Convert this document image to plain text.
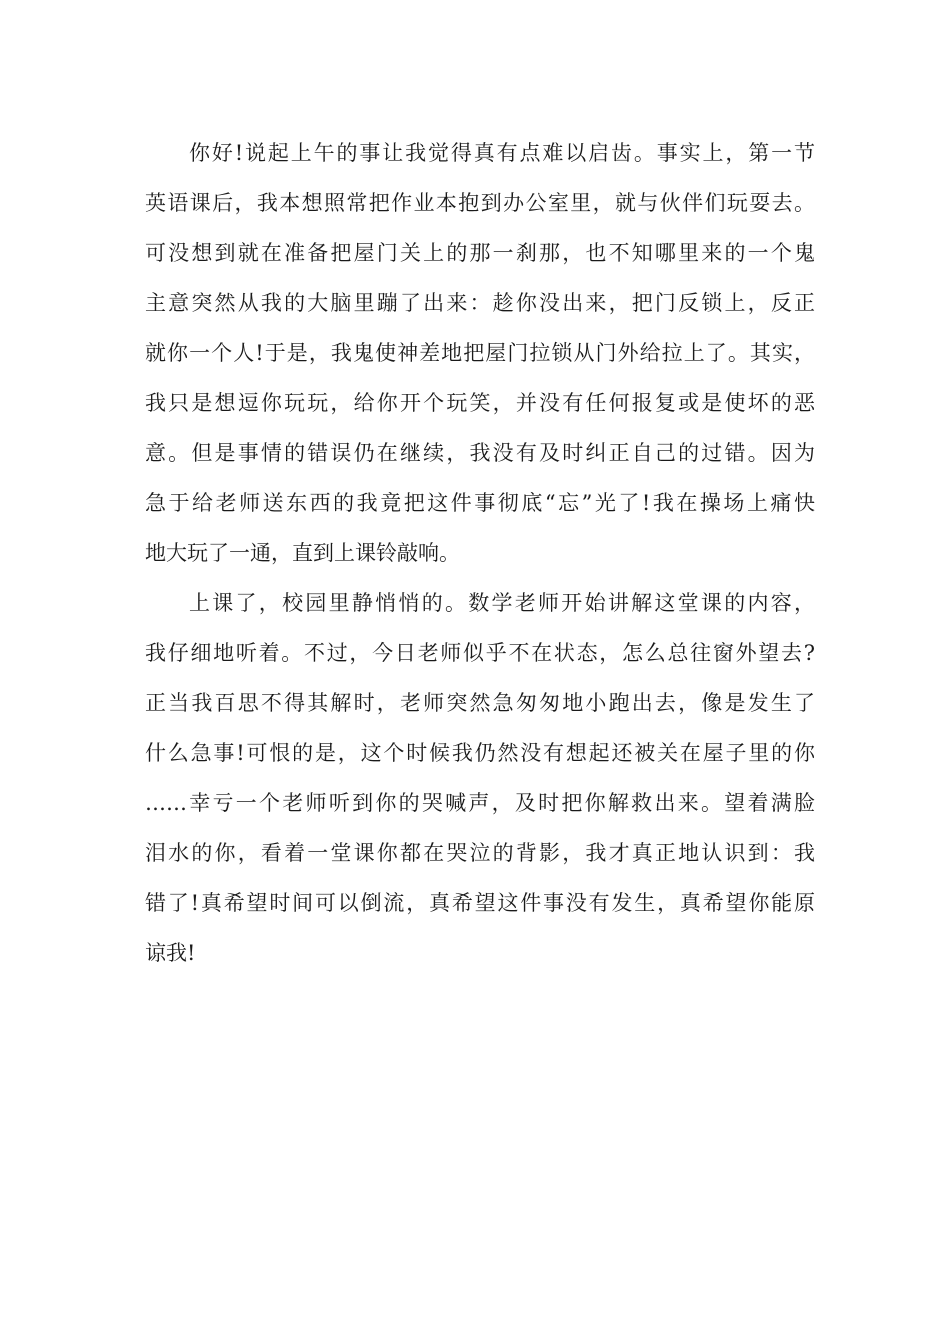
你好!说起上午的事让我觉得真有点难以启齿。事实上，第一节
英语课后，我本想照常把作业本抱到办公室里，就与伙伴们玩耍去。
可没想到就在准备把屋门关上的那一刹那，也不知哪里来的一个鬼
主意突然从我的大脑里蹦了出来：趁你没出来，把门反锁上，反正
就你一个人!于是，我鬼使神差地把屋门拉锁从门外给拉上了。其实，
我只是想逗你玩玩，给你开个玩笑，并没有任何报复或是使坏的恶
意。但是事情的错误仍在继续，我没有及时纠正自己的过错。因为
急于给老师送东西的我竟把这件事彻底“忘”光了!我在操场上痛快
地大玩了一通，直到上课铃敲响。
上课了，校园里静悄悄的。数学老师开始讲解这堂课的内容，
我仔细地听着。不过，今日老师似乎不在状态，怎么总往窗外望去?
正当我百思不得其解时，老师突然急匆匆地小跑出去，像是发生了
什么急事!可恨的是，这个时候我仍然没有想起还被关在屋子里的你
……幸亏一个老师听到你的哭喊声，及时把你解救出来。望着满脸
泪水的你，看着一堂课你都在哭泣的背影，我才真正地认识到：我
错了!真希望时间可以倒流，真希望这件事没有发生，真希望你能原
谅我!
